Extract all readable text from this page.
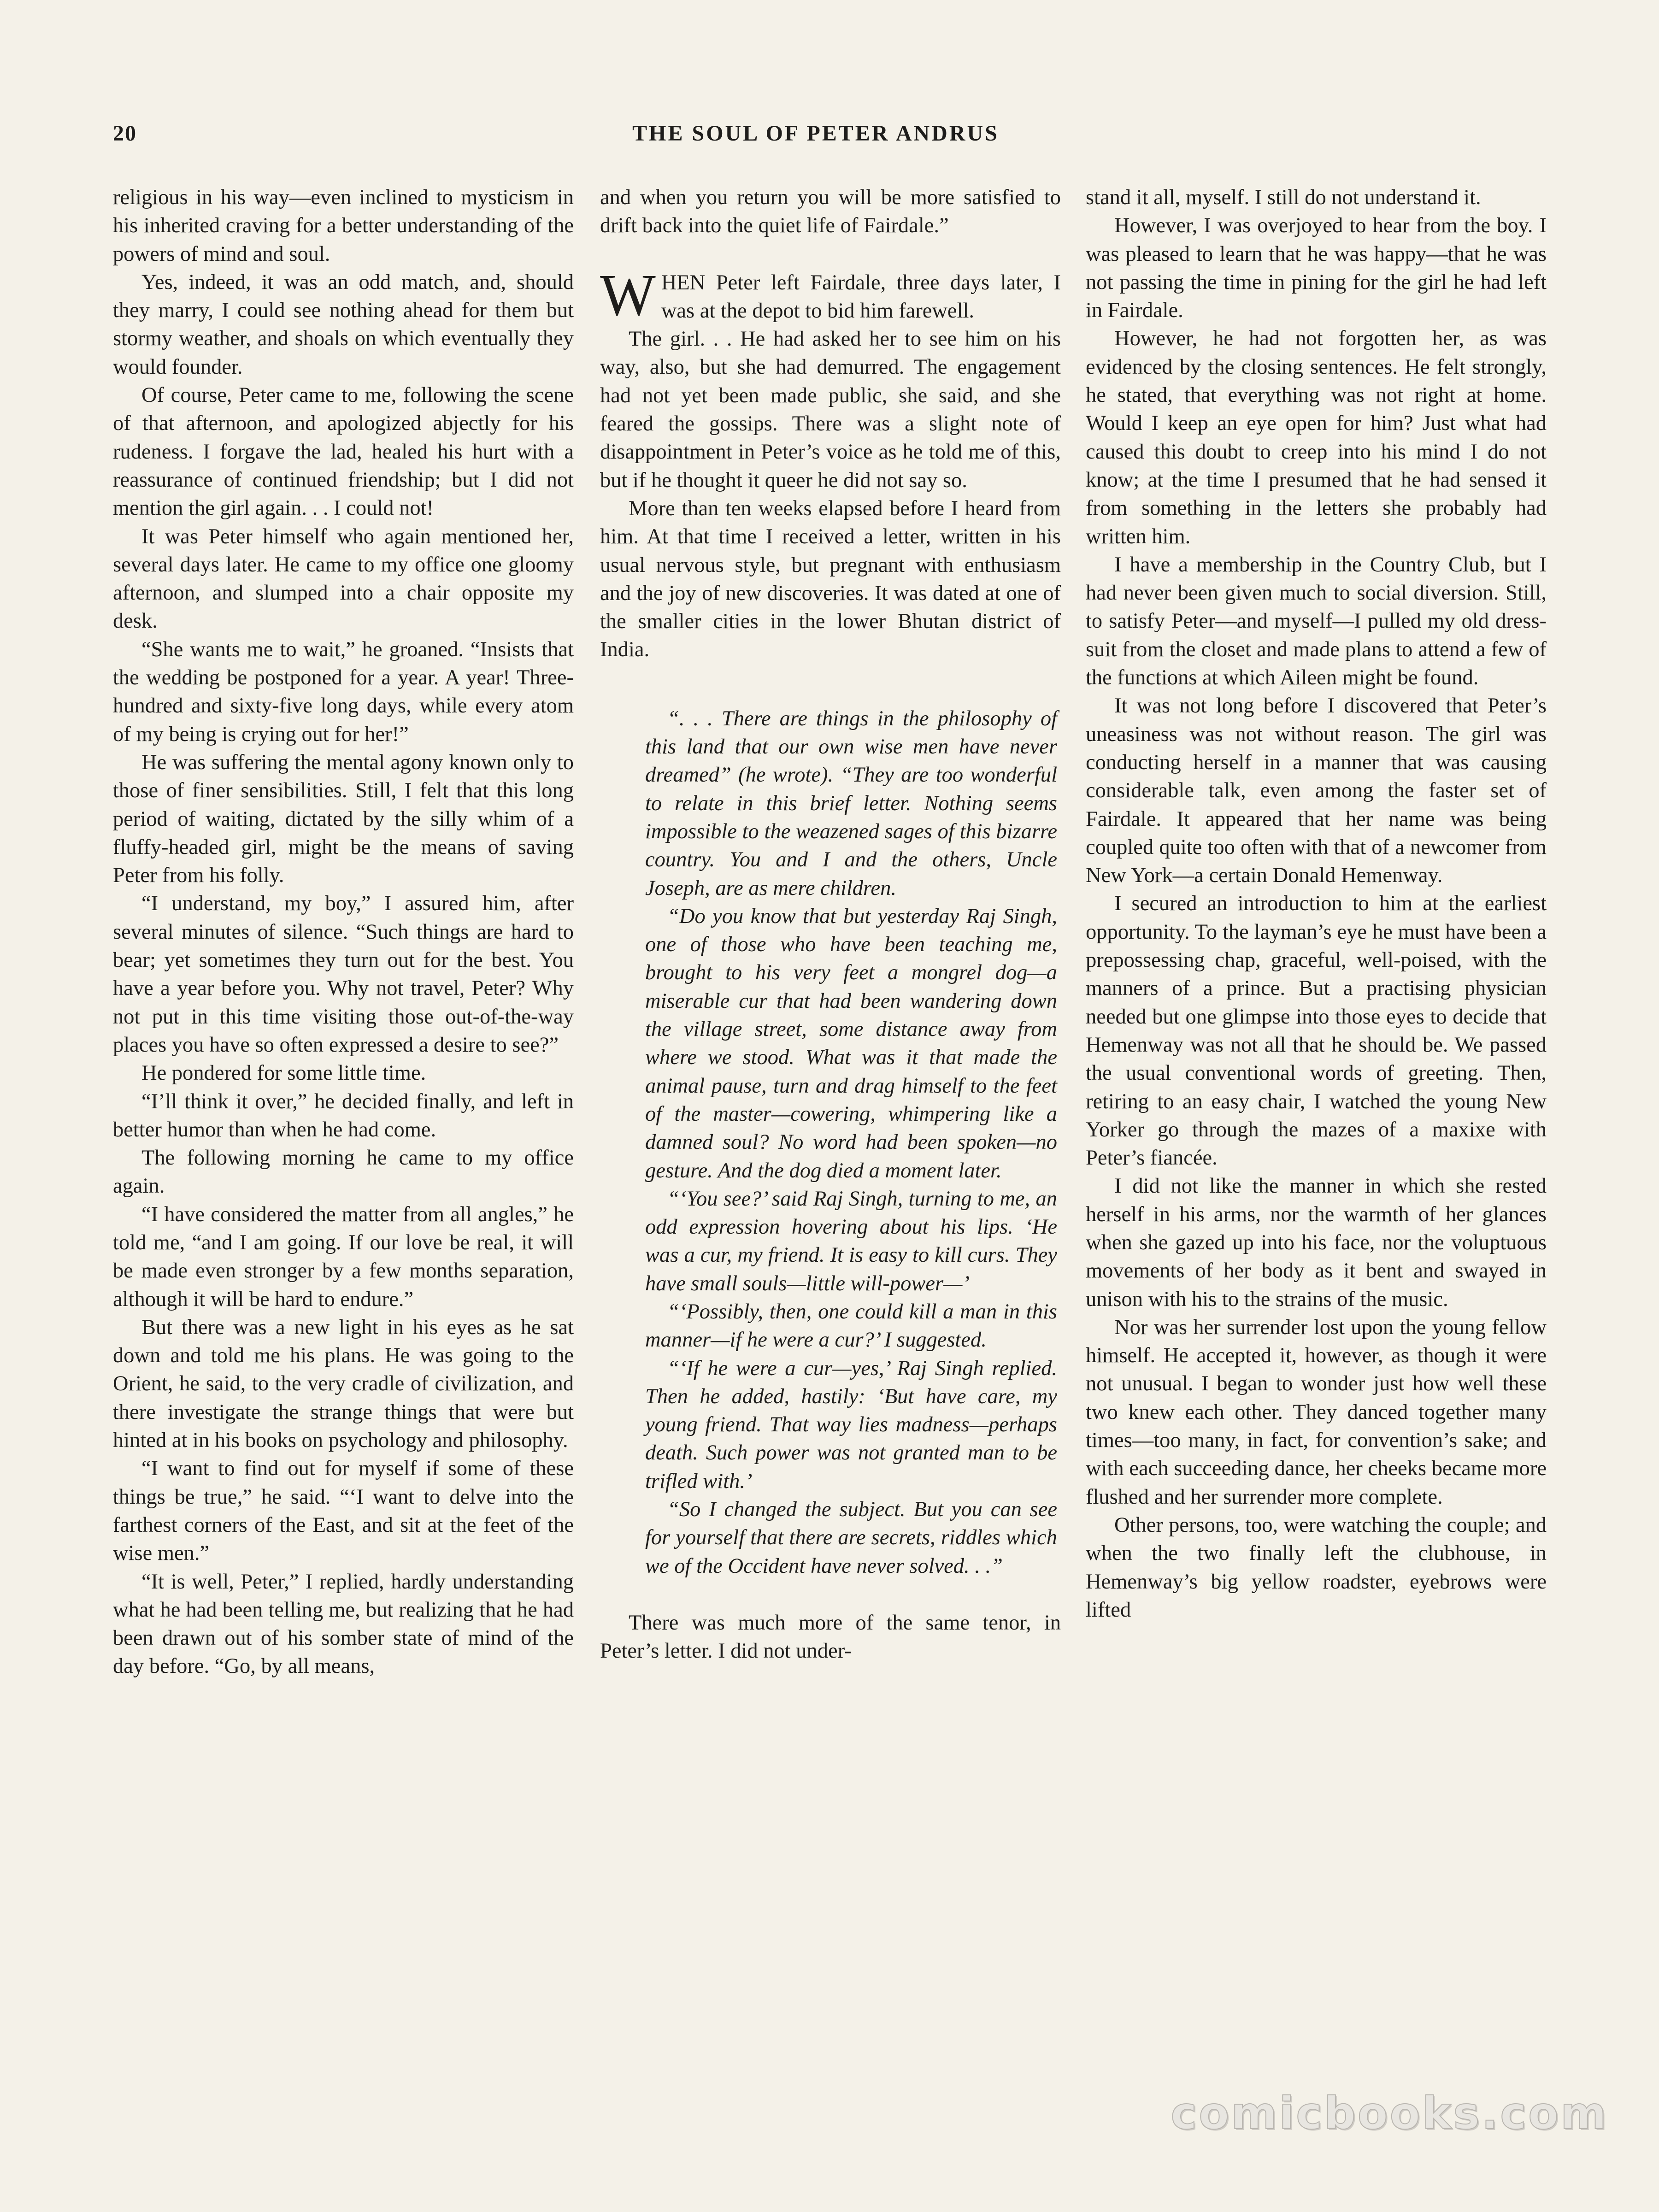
20	THE SOUL OF PETER ANDRUS

religious in his way—even inclined to mysticism in his inherited craving for a better understanding of the powers of mind and soul.

Yes, indeed, it was an odd match, and, should they marry, I could see nothing ahead for them but stormy weather, and shoals on which eventually they would founder.

Of course, Peter came to me, following the scene of that afternoon, and apologized abjectly for his rudeness. I forgave the lad, healed his hurt with a reassurance of continued friendship; but I did not mention the girl again. . . I could not!

It was Peter himself who again mentioned her, several days later. He came to my office one gloomy afternoon, and slumped into a chair opposite my desk.

“She wants me to wait,” he groaned. “Insists that the wedding be postponed for a year. A year! Three-hundred and sixty-five long days, while every atom of my being is crying out for her!”

He was suffering the mental agony known only to those of finer sensibilities. Still, I felt that this long period of waiting, dictated by the silly whim of a fluffy-headed girl, might be the means of saving Peter from his folly.

“I understand, my boy,” I assured him, after several minutes of silence. “Such things are hard to bear; yet sometimes they turn out for the best. You have a year before you. Why not travel, Peter? Why not put in this time visiting those out-of-the-way places you have so often expressed a desire to see?”

He pondered for some little time.

“I’ll think it over,” he decided finally, and left in better humor than when he had come.

The following morning he came to my office again.

“I have considered the matter from all angles,” he told me, “and I am going. If our love be real, it will be made even stronger by a few months separation, although it will be hard to endure.”

But there was a new light in his eyes as he sat down and told me his plans. He was going to the Orient, he said, to the very cradle of civilization, and there investigate the strange things that were but hinted at in his books on psychology and philosophy.

“I want to find out for myself if some of these things be true,” he said. “‘I want to delve into the farthest corners of the East, and sit at the feet of the wise men.”

“It is well, Peter,” I replied, hardly understanding what he had been telling me, but realizing that he had been drawn out of his somber state of mind of the day before. “Go, by all means,

and when you return you will be more satisfied to drift back into the quiet life of Fairdale.”

WHEN Peter left Fairdale, three days later, I was at the depot to bid him farewell.

The girl. . . He had asked her to see him on his way, also, but she had demurred. The engagement had not yet been made public, she said, and she feared the gossips. There was a slight note of disappointment in Peter’s voice as he told me of this, but if he thought it queer he did not say so.

More than ten weeks elapsed before I heard from him. At that time I received a letter, written in his usual nervous style, but pregnant with enthusiasm and the joy of new discoveries. It was dated at one of the smaller cities in the lower Bhutan district of India.

“. . . There are things in the philosophy of this land that our own wise men have never dreamed” (he wrote). “They are too wonderful to relate in this brief letter. Nothing seems impossible to the weazened sages of this bizarre country. You and I and the others, Uncle Joseph, are as mere children.

“Do you know that but yesterday Raj Singh, one of those who have been teaching me, brought to his very feet a mongrel dog—a miserable cur that had been wandering down the village street, some distance away from where we stood. What was it that made the animal pause, turn and drag himself to the feet of the master—cowering, whimpering like a damned soul? No word had been spoken—no gesture. And the dog died a moment later.

“‘You see?’ said Raj Singh, turning to me, an odd expression hovering about his lips. ‘He was a cur, my friend. It is easy to kill curs. They have small souls—little will-power—’

“‘Possibly, then, one could kill a man in this manner—if he were a cur?’ I suggested.

“‘If he were a cur—yes,’ Raj Singh replied. Then he added, hastily: ‘But have care, my young friend. That way lies madness—perhaps death. Such power was not granted man to be trifled with.’

“So I changed the subject. But you can see for yourself that there are secrets, riddles which we of the Occident have never solved. . .”

There was much more of the same tenor, in Peter’s letter. I did not under-

stand it all, myself. I still do not understand it.

However, I was overjoyed to hear from the boy. I was pleased to learn that he was happy—that he was not passing the time in pining for the girl he had left in Fairdale.

However, he had not forgotten her, as was evidenced by the closing sentences. He felt strongly, he stated, that everything was not right at home. Would I keep an eye open for him? Just what had caused this doubt to creep into his mind I do not know; at the time I presumed that he had sensed it from something in the letters she probably had written him.

I have a membership in the Country Club, but I had never been given much to social diversion. Still, to satisfy Peter—and myself—I pulled my old dress-suit from the closet and made plans to attend a few of the functions at which Aileen might be found.

It was not long before I discovered that Peter’s uneasiness was not without reason. The girl was conducting herself in a manner that was causing considerable talk, even among the faster set of Fairdale. It appeared that her name was being coupled quite too often with that of a newcomer from New York—a certain Donald Hemenway.

I secured an introduction to him at the earliest opportunity. To the layman’s eye he must have been a prepossessing chap, graceful, well-poised, with the manners of a prince. But a practising physician needed but one glimpse into those eyes to decide that Hemenway was not all that he should be. We passed the usual conventional words of greeting. Then, retiring to an easy chair, I watched the young New Yorker go through the mazes of a maxixe with Peter’s fiancée.

I did not like the manner in which she rested herself in his arms, nor the warmth of her glances when she gazed up into his face, nor the voluptuous movements of her body as it bent and swayed in unison with his to the strains of the music.

Nor was her surrender lost upon the young fellow himself. He accepted it, however, as though it were not unusual. I began to wonder just how well these two knew each other. They danced together many times—too many, in fact, for convention’s sake; and with each succeeding dance, her cheeks became more flushed and her surrender more complete.

Other persons, too, were watching the couple; and when the two finally left the clubhouse, in Hemenway’s big yellow roadster, eyebrows were lifted

comicbooks.com
